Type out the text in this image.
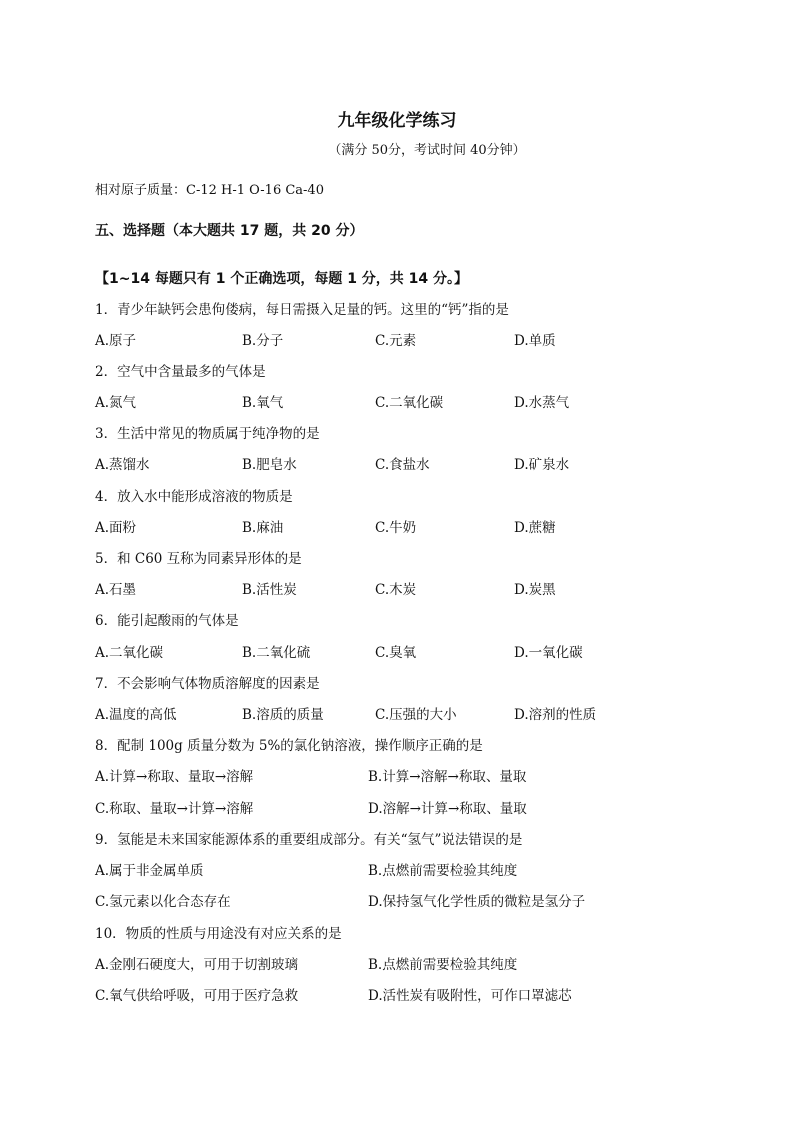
九年级化学练习
（满分 50分，考试时间 40分钟）
相对原子质量：C-12 H-1 O-16 Ca-40
五、选择题（本大题共 17 题，共 20 分）
【1~14 每题只有 1 个正确选项，每题 1 分，共 14 分。】
1．青少年缺钙会患佝偻病，每日需摄入足量的钙。这里的“钙”指的是
A.原子	B.分子	C.元素	D.单质
2．空气中含量最多的气体是
A.氮气	B.氧气	C.二氧化碳	D.水蒸气
3．生活中常见的物质属于纯净物的是
A.蒸馏水	B.肥皂水	C.食盐水	D.矿泉水
4．放入水中能形成溶液的物质是
A.面粉	B.麻油	C.牛奶	D.蔗糖
5．和 C60 互称为同素异形体的是
A.石墨	B.活性炭	C.木炭	D.炭黑
6．能引起酸雨的气体是
A.二氧化碳	B.二氧化硫	C.臭氧	D.一氧化碳
7．不会影响气体物质溶解度的因素是
A.温度的高低	B.溶质的质量	C.压强的大小	D.溶剂的性质
8．配制 100g 质量分数为 5%的氯化钠溶液，操作顺序正确的是
A.计算→称取、量取→溶解	B.计算→溶解→称取、量取
C.称取、量取→计算→溶解	D.溶解→计算→称取、量取
9．氢能是未来国家能源体系的重要组成部分。有关“氢气”说法错误的是
A.属于非金属单质	B.点燃前需要检验其纯度
C.氢元素以化合态存在	D.保持氢气化学性质的微粒是氢分子
10．物质的性质与用途没有对应关系的是
A.金刚石硬度大，可用于切割玻璃	B.点燃前需要检验其纯度
C.氧气供给呼吸，可用于医疗急救	D.活性炭有吸附性，可作口罩滤芯
